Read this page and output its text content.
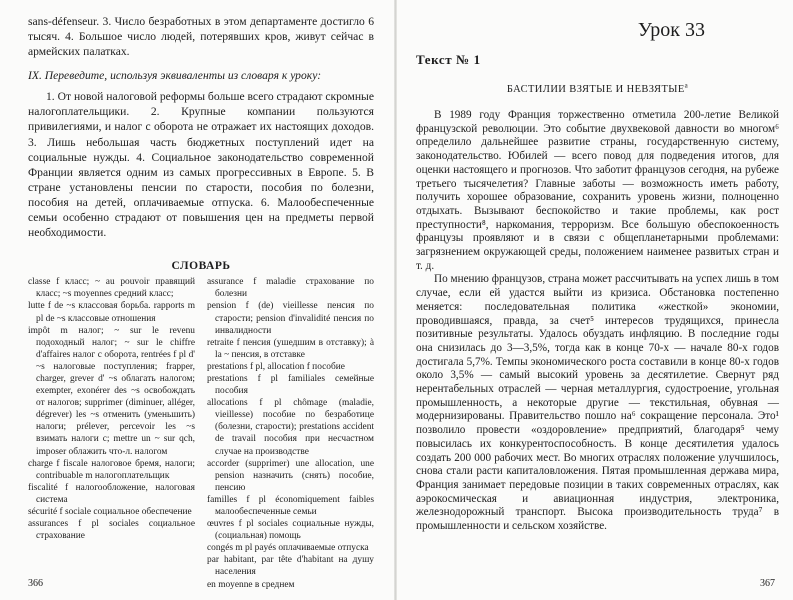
sans-défenseur. 3. Число безработных в этом департаменте достигло 6 тысяч. 4. Большое число людей, потерявших кров, живут сейчас в армейских палатках.

IX. Переведите, используя эквиваленты из словаря к уроку:

1. От новой налоговой реформы больше всего страдают скромные налогоплательщики. 2. Крупные компании пользуются привилегиями, и налог с оборота не отражает их настоящих доходов. 3. Лишь небольшая часть бюджетных поступлений идет на социальные нужды. 4. Социальное законодательство современной Франции является одним из самых прогрессивных в Европе. 5. В стране установлены пенсии по старости, пособия по болезни, пособия на детей, оплачиваемые отпуска. 6. Малообеспеченные семьи особенно страдают от повышения цен на предметы первой необходимости.

СЛОВАРЬ

classe f класс; ~ au pouvoir правящий класс; ~s moyennes средний класс;

lutte f de ~s классовая борьба. rapports m pl de ~s классовые отношения

impôt m налог; ~ sur le revenu подоходный налог; ~ sur le chiffre d'affaires налог с оборота, rentrées f pl d' ~s налоговые поступления; frapper, charger, grever d' ~s облагать налогом; exempter, exonérer des ~s освобождать от налогов; supprimer (diminuer, alléger, dégrever) les ~s отменить (уменьшить) налоги; prélever, percevoir les ~s взимать налоги с; mettre un ~ sur qch, imposer облажить что-л. налогом

charge f fiscale налоговое бремя, налоги; contribuable m налогоплательщик

fiscalité f налогообложение, налоговая система

sécurité f sociale социальное обеспечение

assurances f pl sociales социальное страхование

assurance f maladie страхование по болезни

pension f (de) vieillesse пенсия по старости; pension d'invalidité пенсия по инвалидности

retraite f пенсия (ушедшим в отставку); à la ~ пенсия, в отставке

prestations f pl, allocation f пособие

prestations f pl familiales семейные пособия

allocations f pl chômage (maladie, vieillesse) пособие по безработице (болезни, старости); prestations accident de travail пособия при несчастном случае на производстве

accorder (supprimer) une allocation, une pension назначить (снять) пособие, пенсию

familles f pl économiquement faibles малообеспеченные семьи

œuvres f pl sociales социальные нужды, (социальная) помощь

congés m pl payés оплачиваемые отпуска

par habitant, par tête d'habitant на душу населения

en moyenne в среднем

366
Урок 33
Текст № 1
БАСТИЛИИ ВЗЯТЫЕ И $НЕВЗЯТЫЕ^а$

В 1989 году Франция торжественно отметила 200-летие Великой французской революции. Это событие двухвековой давности во многом⁶ определило дальнейшее развитие страны, государственную систему, законодательство. Юбилей — всего повод для подведения итогов, для оценки настоящего и прогнозов. Что заботит французов сегодня, на рубеже третьего тысячелетия? Главные заботы — возможность иметь работу, получить хорошее образование, сохранить уровень жизни, полноценно отдыхать. Вызывают беспокойство и такие проблемы, как рост преступности⁸, наркомания, терроризм. Все большую обеспокоенность французы проявляют и в связи с общепланетарными проблемами: загрязнением окружающей среды, положением наименее развитых стран и т. д.

По мнению французов, страна может рассчитывать на успех лишь в том случае, если ей удастся выйти из кризиса. Обстановка постепенно меняется: последовательная политика «жесткой» экономии, проводившаяся, правда, за счет⁵ интересов трудящихся, принесла позитивные результаты. Удалось обуздать инфляцию. В последние годы она снизилась до 3—3,5%, тогда как в конце 70-х — начале 80-х годов достигала 5,7%. Темпы экономического роста составили в конце 80-х годов около 3,5% — самый высокий уровень за десятилетие. Свернут ряд нерентабельных отраслей — черная металлургия, судостроение, угольная промышленность, а некоторые другие — текстильная, обувная — модернизированы. Правительство пошло на⁶ сокращение персонала. Это¹ позволило провести «оздоровление» предприятий, благодаря⁵ чему повысилась их конкурентоспособность. В конце десятилетия удалось создать 200 000 рабочих мест. Во многих отраслях положение улучшилось, снова стали расти капиталовложения. Пятая промышленная держава мира, Франция занимает передовые позиции в таких современных отраслях, как аэрокосмическая и авиационная индустрия, электроника, железнодорожный транспорт. Высока производительность труда⁷ в промышленности и сельском хозяйстве.

367
